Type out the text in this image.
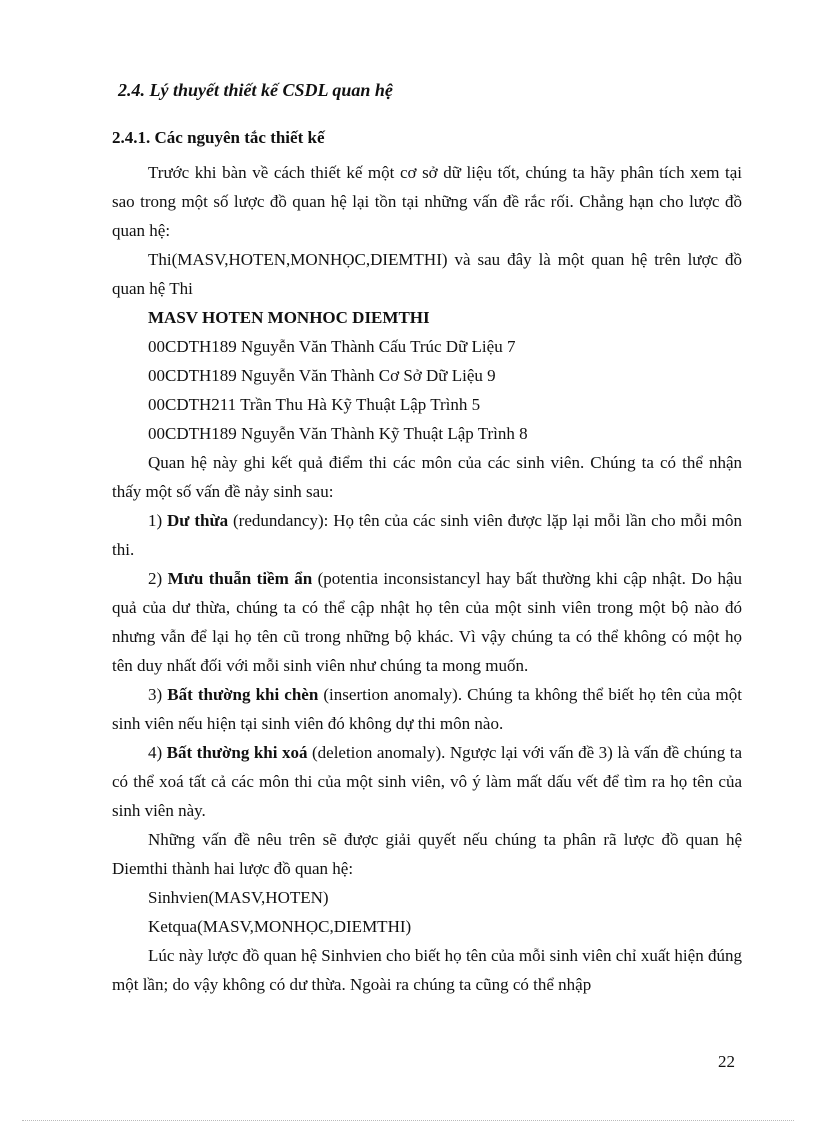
2.4. Lý thuyết thiết kế CSDL quan hệ
2.4.1. Các nguyên tắc thiết kế

Trước khi bàn về cách thiết kế một cơ sở dữ liệu tốt, chúng ta hãy phân tích xem tại sao trong một số lược đồ quan hệ lại tồn tại những vấn đề rắc rối. Chẳng hạn cho lược đồ quan hệ:

Thi(MASV,HOTEN,MONHỌC,DIEMTHI) và sau đây là một quan hệ trên lược đồ quan hệ Thi

MASV HOTEN MONHOC DIEMTHI

00CDTH189 Nguyễn Văn Thành Cấu Trúc Dữ Liệu 7

00CDTH189 Nguyễn Văn Thành Cơ Sở Dữ Liệu 9

00CDTH211 Trần Thu Hà Kỹ Thuật Lập Trình 5

00CDTH189 Nguyễn Văn Thành Kỹ Thuật Lập Trình 8

Quan hệ này ghi kết quả điểm thi các môn của các sinh viên. Chúng ta có thể nhận thấy một số vấn đề nảy sinh sau:

1) Dư thừa (redundancy): Họ tên của các sinh viên được lặp lại mỗi lần cho mỗi môn thi.

2) Mưu thuẫn tiềm ẩn (potentia inconsistancyl hay bất thường khi cập nhật. Do hậu quả của dư thừa, chúng ta có thể cập nhật họ tên của một sinh viên trong một bộ nào đó nhưng vẫn để lại họ tên cũ trong những bộ khác. Vì vậy chúng ta có thể không có một họ tên duy nhất đối với mỗi sinh viên như chúng ta mong muốn.

3) Bất thường khi chèn (insertion anomaly). Chúng ta không thể biết họ tên của một sinh viên nếu hiện tại sinh viên đó không dự thi môn nào.

4) Bất thường khi xoá (deletion anomaly). Ngược lại với vấn đề 3) là vấn đề chúng ta có thể xoá tất cả các môn thi của một sinh viên, vô ý làm mất dấu vết để tìm ra họ tên của sinh viên này.

Những vấn đề nêu trên sẽ được giải quyết nếu chúng ta phân rã lược đồ quan hệ Diemthi thành hai lược đồ quan hệ:

Sinhvien(MASV,HOTEN)

Ketqua(MASV,MONHỌC,DIEMTHI)

Lúc này lược đồ quan hệ Sinhvien cho biết họ tên của mỗi sinh viên chỉ xuất hiện đúng một lần; do vậy không có dư thừa. Ngoài ra chúng ta cũng có thể nhập

22
